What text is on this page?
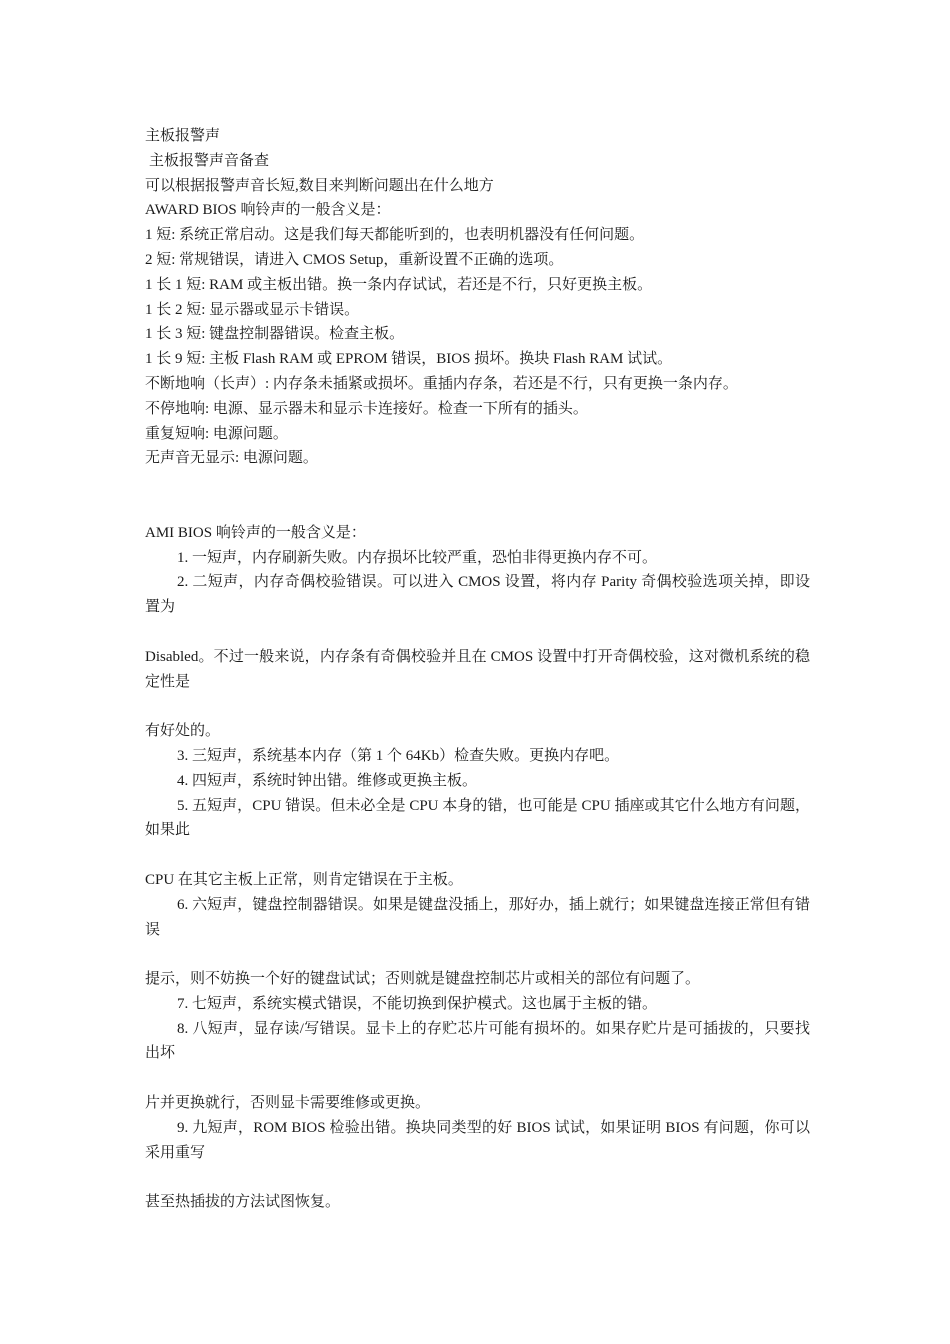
主板报警声
主板报警声音备查
可以根据报警声音长短,数目来判断问题出在什么地方
AWARD BIOS 响铃声的一般含义是：
1 短: 系统正常启动。这是我们每天都能听到的，也表明机器没有任何问题。
2 短: 常规错误，请进入 CMOS Setup，重新设置不正确的选项。
1 长 1 短: RAM 或主板出错。换一条内存试试，若还是不行，只好更换主板。
1 长 2 短: 显示器或显示卡错误。
1 长 3 短: 键盘控制器错误。检查主板。
1 长 9 短: 主板 Flash RAM 或 EPROM 错误，BIOS 损坏。换块 Flash RAM 试试。
不断地响（长声）: 内存条未插紧或损坏。重插内存条，若还是不行，只有更换一条内存。
不停地响: 电源、显示器未和显示卡连接好。检查一下所有的插头。
重复短响: 电源问题。
无声音无显示: 电源问题。
AMI BIOS 响铃声的一般含义是：
1. 一短声，内存刷新失败。内存损坏比较严重，恐怕非得更换内存不可。
2. 二短声，内存奇偶校验错误。可以进入 CMOS 设置，将内存 Parity 奇偶校验选项关掉，即设置为
Disabled。不过一般来说，内存条有奇偶校验并且在 CMOS 设置中打开奇偶校验，这对微机系统的稳定性是
有好处的。
3. 三短声，系统基本内存（第 1 个 64Kb）检查失败。更换内存吧。
4. 四短声，系统时钟出错。维修或更换主板。
5. 五短声，CPU 错误。但未必全是 CPU 本身的错，也可能是 CPU 插座或其它什么地方有问题，如果此
CPU 在其它主板上正常，则肯定错误在于主板。
6. 六短声，键盘控制器错误。如果是键盘没插上，那好办，插上就行；如果键盘连接正常但有错误
提示，则不妨换一个好的键盘试试；否则就是键盘控制芯片或相关的部位有问题了。
7. 七短声，系统实模式错误，不能切换到保护模式。这也属于主板的错。
8. 八短声，显存读/写错误。显卡上的存贮芯片可能有损坏的。如果存贮片是可插拔的，只要找出坏
片并更换就行，否则显卡需要维修或更换。
9. 九短声，ROM BIOS 检验出错。换块同类型的好 BIOS 试试，如果证明 BIOS 有问题，你可以采用重写
甚至热插拔的方法试图恢复。
